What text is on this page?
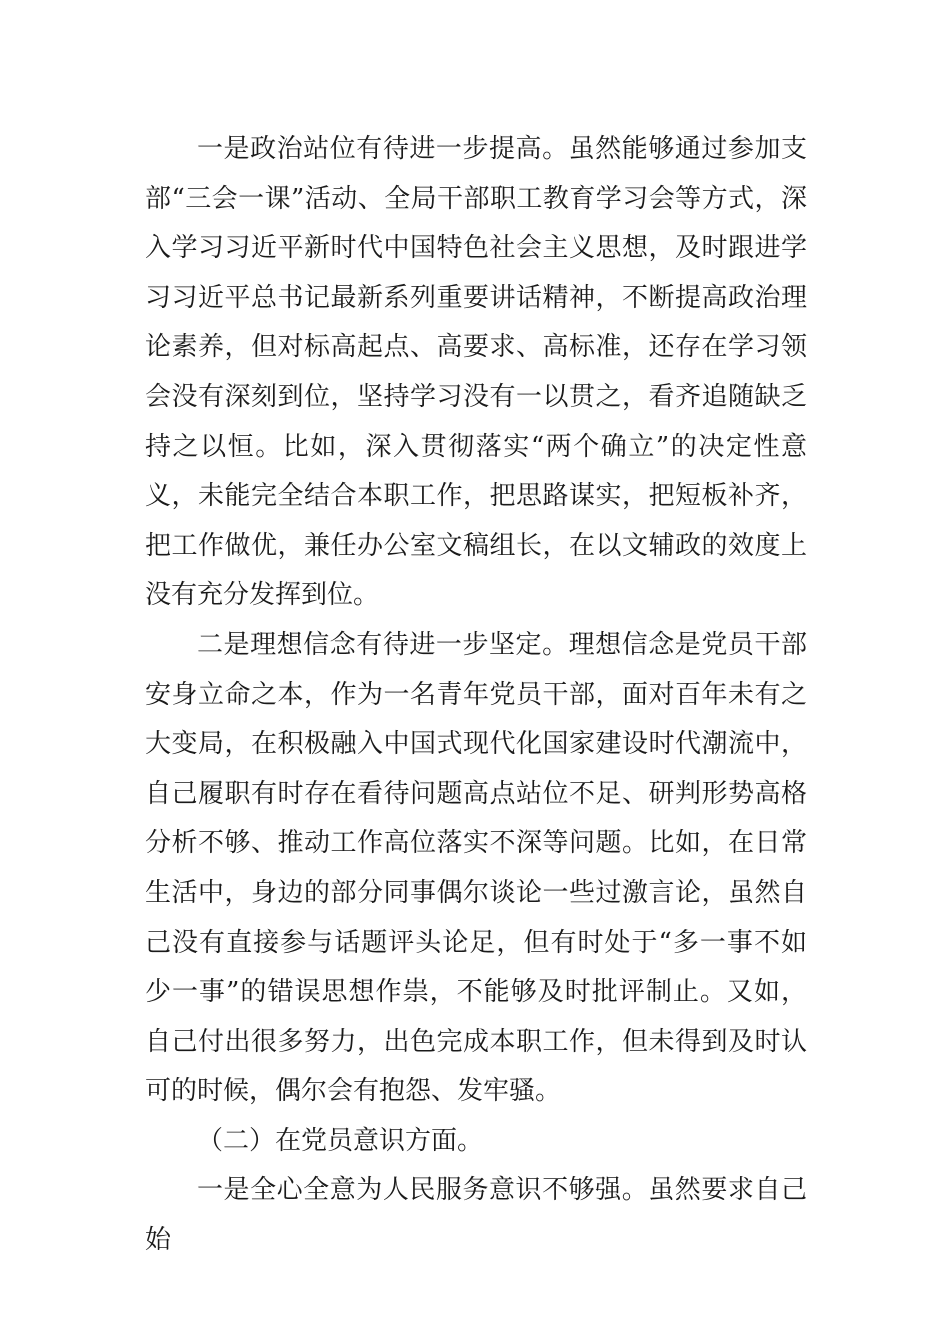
一是政治站位有待进一步提高。虽然能够通过参加支部“三会一课”活动、全局干部职工教育学习会等方式，深入学习习近平新时代中国特色社会主义思想，及时跟进学习习近平总书记最新系列重要讲话精神，不断提高政治理论素养，但对标高起点、高要求、高标准，还存在学习领会没有深刻到位，坚持学习没有一以贯之，看齐追随缺乏持之以恒。比如，深入贯彻落实“两个确立”的决定性意义，未能完全结合本职工作，把思路谋实，把短板补齐，把工作做优，兼任办公室文稿组长，在以文辅政的效度上没有充分发挥到位。

二是理想信念有待进一步坚定。理想信念是党员干部安身立命之本，作为一名青年党员干部，面对百年未有之大变局，在积极融入中国式现代化国家建设时代潮流中，自己履职有时存在看待问题高点站位不足、研判形势高格分析不够、推动工作高位落实不深等问题。比如，在日常生活中，身边的部分同事偶尔谈论一些过激言论，虽然自己没有直接参与话题评头论足，但有时处于“多一事不如少一事”的错误思想作祟，不能够及时批评制止。又如，自己付出很多努力，出色完成本职工作，但未得到及时认可的时候，偶尔会有抱怨、发牢骚。

（二）在党员意识方面。

一是全心全意为人民服务意识不够强。虽然要求自己始
